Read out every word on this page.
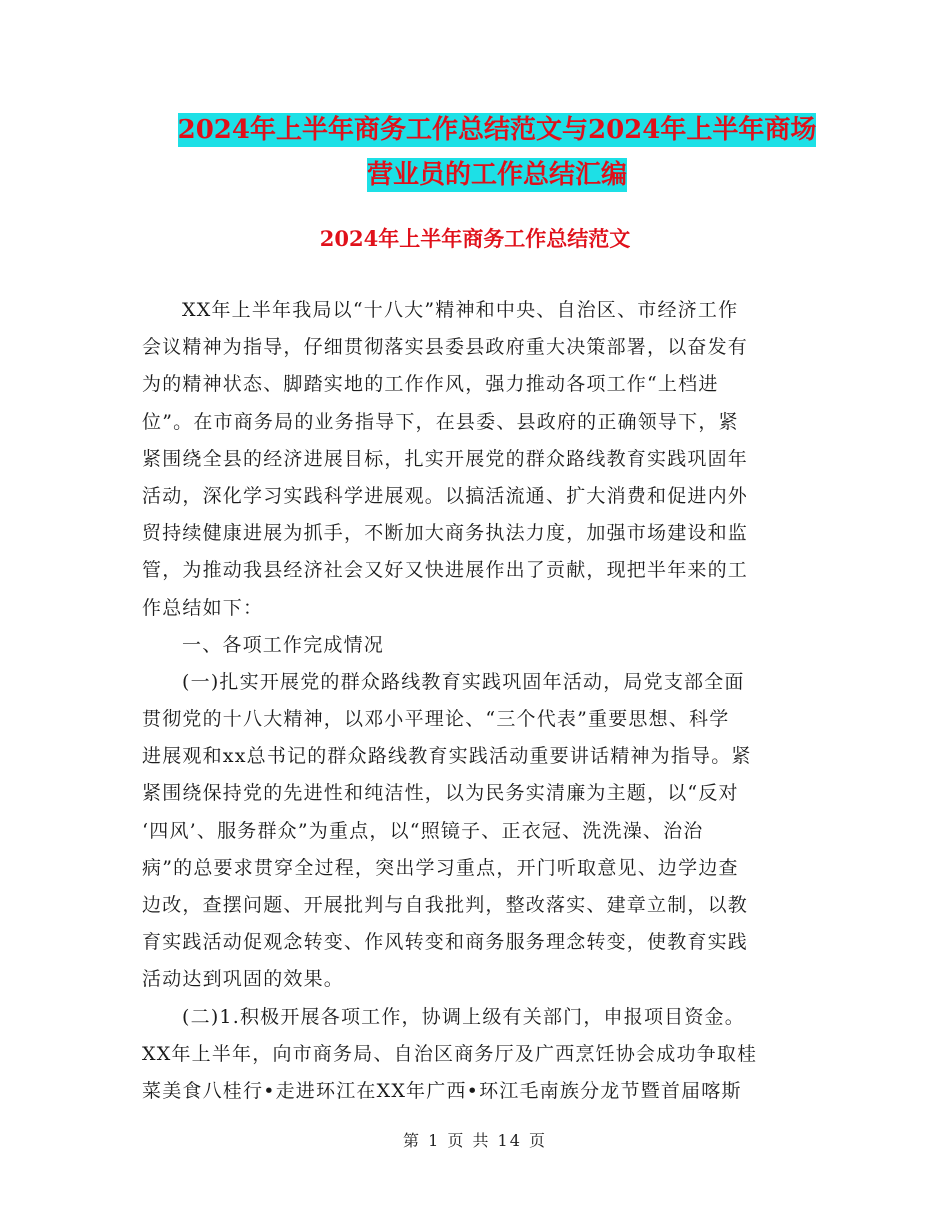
2024年上半年商务工作总结范文与2024年上半年商场
营业员的工作总结汇编
2024年上半年商务工作总结范文
XX年上半年我局以“十八大”精神和中央、自治区、市经济工作
会议精神为指导，仔细贯彻落实县委县政府重大决策部署，以奋发有
为的精神状态、脚踏实地的工作作风，强力推动各项工作“上档进
位”。在市商务局的业务指导下，在县委、县政府的正确领导下，紧
紧围绕全县的经济进展目标，扎实开展党的群众路线教育实践巩固年
活动，深化学习实践科学进展观。以搞活流通、扩大消费和促进内外
贸持续健康进展为抓手，不断加大商务执法力度，加强市场建设和监
管，为推动我县经济社会又好又快进展作出了贡献，现把半年来的工
作总结如下：
一、各项工作完成情况
(一)扎实开展党的群众路线教育实践巩固年活动，局党支部全面
贯彻党的十八大精神，以邓小平理论、“三个代表”重要思想、科学
进展观和xx总书记的群众路线教育实践活动重要讲话精神为指导。紧
紧围绕保持党的先进性和纯洁性，以为民务实清廉为主题，以“反对
‘四风’、服务群众”为重点，以“照镜子、正衣冠、洗洗澡、治治
病”的总要求贯穿全过程，突出学习重点，开门听取意见、边学边查
边改，查摆问题、开展批判与自我批判，整改落实、建章立制，以教
育实践活动促观念转变、作风转变和商务服务理念转变，使教育实践
活动达到巩固的效果。
(二)1.积极开展各项工作，协调上级有关部门，申报项目资金。
XX年上半年，向市商务局、自治区商务厅及广西烹饪协会成功争取桂
菜美食八桂行•走进环江在XX年广西•环江毛南族分龙节暨首届喀斯
第 1 页 共 14 页
